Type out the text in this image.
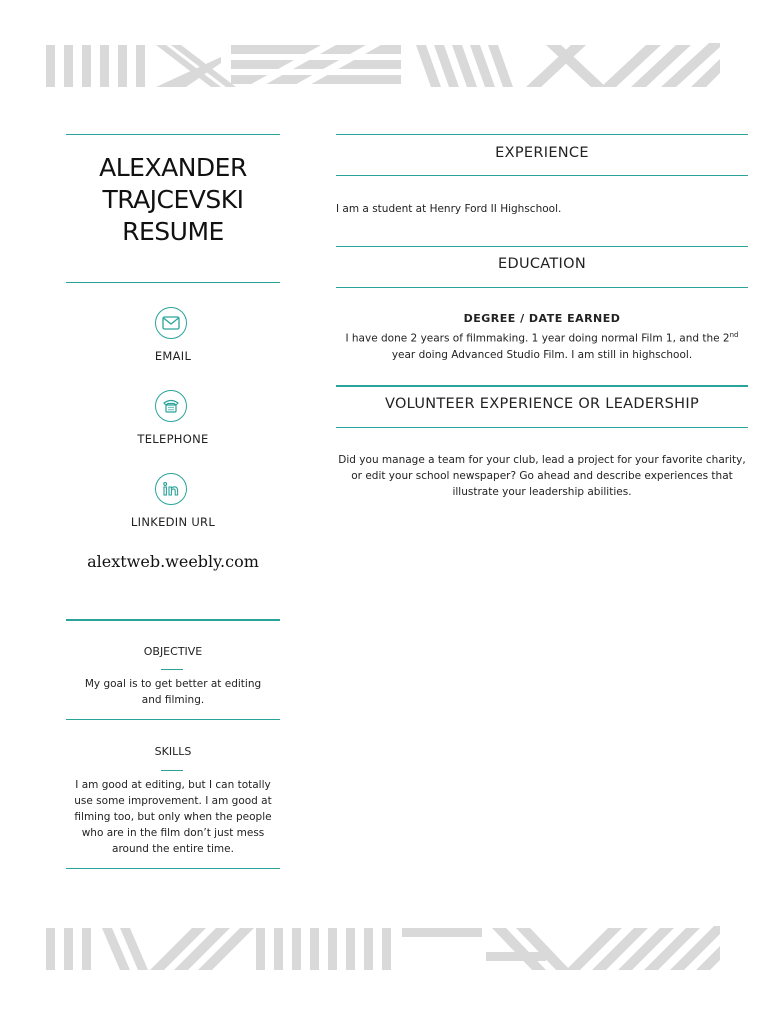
ALEXANDER
TRAJCEVSKI
RESUME
EMAIL
TELEPHONE
LINKEDIN URL
alextweb.weebly.com
OBJECTIVE
My goal is to get better at editing and filming.
SKILLS
I am good at editing, but I can totally use some improvement. I am good at filming too, but only when the people who are in the film don’t just mess around the entire time.
EXPERIENCE
I am a student at Henry Ford II Highschool.
EDUCATION
DEGREE / DATE EARNED
I have done 2 years of filmmaking. 1 year doing normal Film 1, and the 2nd year doing Advanced Studio Film. I am still in highschool.
VOLUNTEER EXPERIENCE OR LEADERSHIP
Did you manage a team for your club, lead a project for your favorite charity, or edit your school newspaper? Go ahead and describe experiences that illustrate your leadership abilities.
